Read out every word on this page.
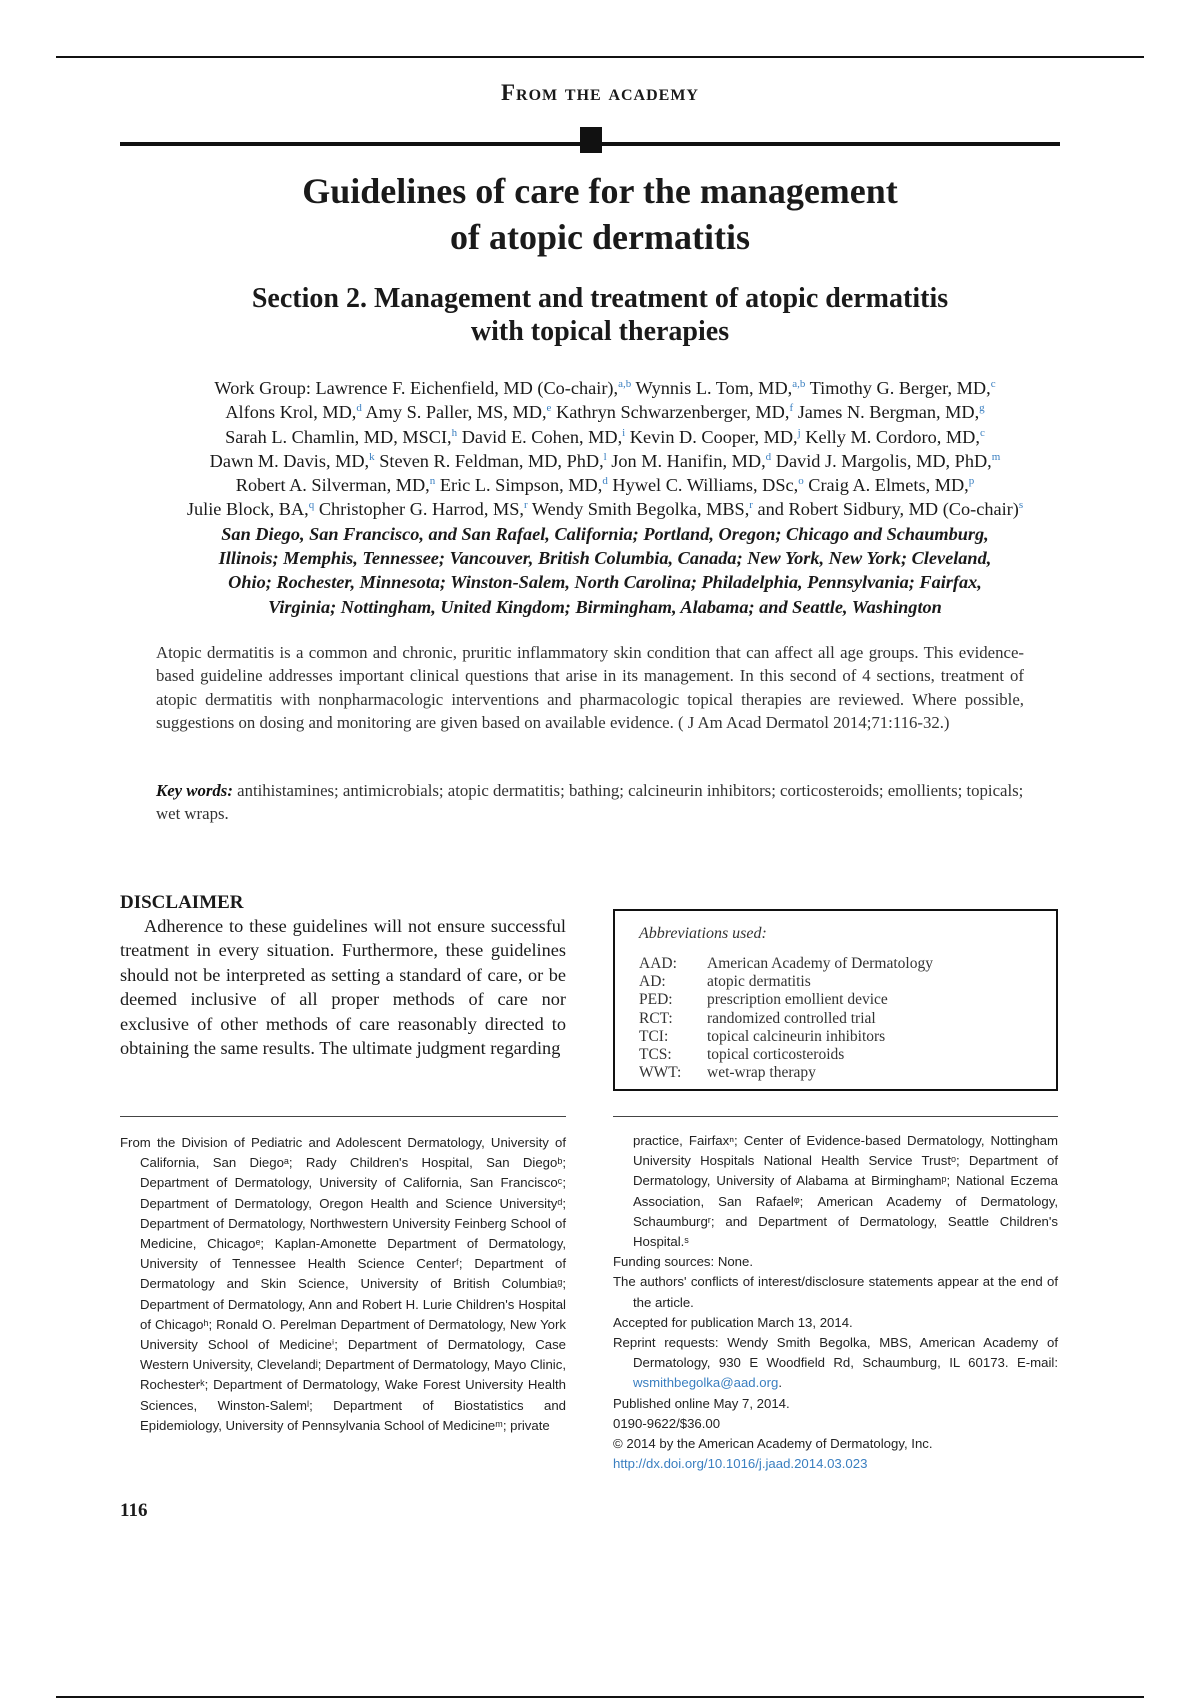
From the academy
Guidelines of care for the management
of atopic dermatitis
Section 2. Management and treatment of atopic dermatitis
with topical therapies
Work Group: Lawrence F. Eichenfield, MD (Co-chair),$^{a,b}$ Wynnis L. Tom, MD,$^{a,b}$ Timothy G. Berger, MD,$^c$
Alfons Krol, MD,$^d$ Amy S. Paller, MS, MD,$^e$ Kathryn Schwarzenberger, MD,$^f$ James N. Bergman, MD,$^g$
Sarah L. Chamlin, MD, MSCI,$^h$ David E. Cohen, MD,$^i$ Kevin D. Cooper, MD,$^j$ Kelly M. Cordoro, MD,$^c$
Dawn M. Davis, MD,$^k$ Steven R. Feldman, MD, PhD,$^l$ Jon M. Hanifin, MD,$^d$ David J. Margolis, MD, PhD,$^m$
Robert A. Silverman, MD,$^n$ Eric L. Simpson, MD,$^d$ Hywel C. Williams, DSc,$^o$ Craig A. Elmets, MD,$^p$
Julie Block, BA,$^q$ Christopher G. Harrod, MS,$^r$ Wendy Smith Begolka, MBS,$^r$ and Robert Sidbury, MD (Co-chair)$^s$
San Diego, San Francisco, and San Rafael, California; Portland, Oregon; Chicago and Schaumburg,
Illinois; Memphis, Tennessee; Vancouver, British Columbia, Canada; New York, New York; Cleveland,
Ohio; Rochester, Minnesota; Winston-Salem, North Carolina; Philadelphia, Pennsylvania; Fairfax,
Virginia; Nottingham, United Kingdom; Birmingham, Alabama; and Seattle, Washington
Atopic dermatitis is a common and chronic, pruritic inflammatory skin condition that can affect all age groups. This evidence-based guideline addresses important clinical questions that arise in its management. In this second of 4 sections, treatment of atopic dermatitis with nonpharmacologic interventions and pharmacologic topical therapies are reviewed. Where possible, suggestions on dosing and monitoring are given based on available evidence. ( J Am Acad Dermatol 2014;71:116-32.)
Key words: antihistamines; antimicrobials; atopic dermatitis; bathing; calcineurin inhibitors; corticosteroids; emollients; topicals; wet wraps.
DISCLAIMER
Adherence to these guidelines will not ensure successful treatment in every situation. Furthermore, these guidelines should not be interpreted as setting a standard of care, or be deemed inclusive of all proper methods of care nor exclusive of other methods of care reasonably directed to obtaining the same results. The ultimate judgment regarding
Abbreviations used:
AAD:	American Academy of Dermatology
AD:	atopic dermatitis
PED:	prescription emollient device
RCT:	randomized controlled trial
TCI:	topical calcineurin inhibitors
TCS:	topical corticosteroids
WWT:	wet-wrap therapy
From the Division of Pediatric and Adolescent Dermatology, University of California, San Diegoᵃ; Rady Children's Hospital, San Diegoᵇ; Department of Dermatology, University of California, San Franciscoᶜ; Department of Dermatology, Oregon Health and Science Universityᵈ; Department of Dermatology, Northwestern University Feinberg School of Medicine, Chicagoᵉ; Kaplan-Amonette Department of Dermatology, University of Tennessee Health Science Centerᶠ; Department of Dermatology and Skin Science, University of British Columbiaᵍ; Department of Dermatology, Ann and Robert H. Lurie Children's Hospital of Chicagoʰ; Ronald O. Perelman Department of Dermatology, New York University School of Medicineⁱ; Department of Dermatology, Case Western University, Clevelandʲ; Department of Dermatology, Mayo Clinic, Rochesterᵏ; Department of Dermatology, Wake Forest University Health Sciences, Winston-Salemˡ; Department of Biostatistics and Epidemiology, University of Pennsylvania School of Medicineᵐ; private
practice, Fairfaxⁿ; Center of Evidence-based Dermatology, Nottingham University Hospitals National Health Service Trustᵒ; Department of Dermatology, University of Alabama at Birminghamᵖ; National Eczema Association, San Rafaelᵠ; American Academy of Dermatology, Schaumburgʳ; and Department of Dermatology, Seattle Children's Hospital.ˢ
Funding sources: None.
The authors' conflicts of interest/disclosure statements appear at the end of the article.
Accepted for publication March 13, 2014.
Reprint requests: Wendy Smith Begolka, MBS, American Academy of Dermatology, 930 E Woodfield Rd, Schaumburg, IL 60173. E-mail: wsmithbegolka@aad.org.
Published online May 7, 2014.
0190-9622/$36.00
© 2014 by the American Academy of Dermatology, Inc.
http://dx.doi.org/10.1016/j.jaad.2014.03.023
116
